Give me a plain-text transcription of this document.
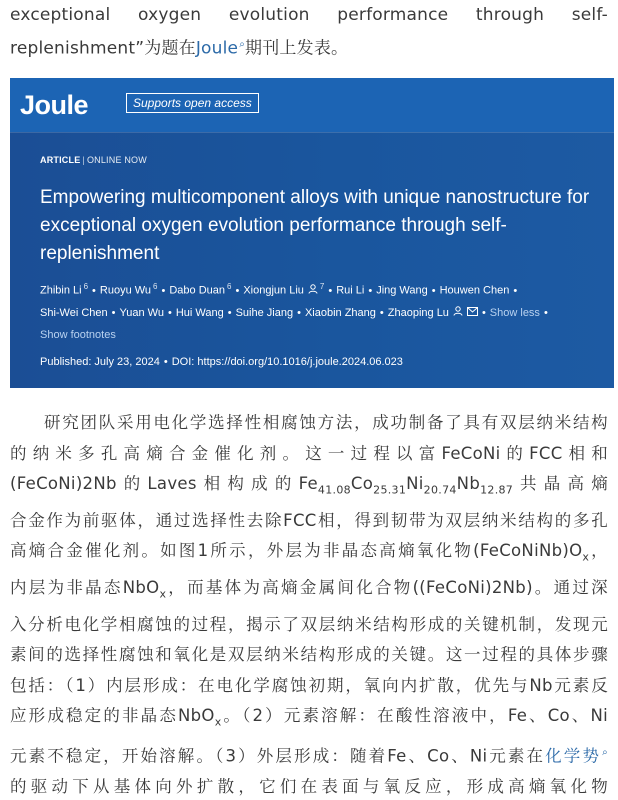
exceptional oxygen evolution performance through self-
replenishment”为题在Joule⌕期刊上发表。
Joule	Supports open access
ARTICLE | ONLINE NOW
Empowering multicomponent alloys with unique nanostructure for
exceptional oxygen evolution performance through self-
replenishment
Zhibin Li $^6$ • Ruoyu Wu $^6$ • Dabo Duan $^6$ • Xiongjun Liu $^7$ • Rui Li • Jing Wang • Houwen Chen •
Shi-Wei Chen • Yuan Wu • Hui Wang • Suihe Jiang • Xiaobin Zhang • Zhaoping Lu	• Show less •
Show footnotes
Published: July 23, 2024 • DOI: https://doi.org/10.1016/j.joule.2024.06.023
研究团队采用电化学选择性相腐蚀方法，成功制备了具有双层纳米结构
的纳米多孔高熵合金催化剂。这一过程以富FeCoNi的FCC相和
(FeCoNi)2Nb的Laves相构成的$Fe_{41.08}Co_{25.31}Ni_{20.74}Nb_{12.87}$共晶高熵
合金作为前驱体，通过选择性去除FCC相，得到韧带为双层纳米结构的多孔
高熵合金催化剂。如图1所示，外层为非晶态高熵氧化物$(FeCoNiNb)O_x$，
内层为非晶态NbO$_x$，而基体为高熵金属间化合物((FeCoNi)2Nb)。通过深
入分析电化学相腐蚀的过程，揭示了双层纳米结构形成的关键机制，发现元
素间的选择性腐蚀和氧化是双层纳米结构形成的关键。这一过程的具体步骤
包括：（1）内层形成：在电化学腐蚀初期，氧向内扩散，优先与Nb元素反
应形成稳定的非晶态NbO$_x$。（2）元素溶解：在酸性溶液中，Fe、Co、Ni
元素不稳定，开始溶解。（3）外层形成：随着Fe、Co、Ni元素在化学势⌕
的驱动下从基体向外扩散，它们在表面与氧反应，形成高熵氧化物
